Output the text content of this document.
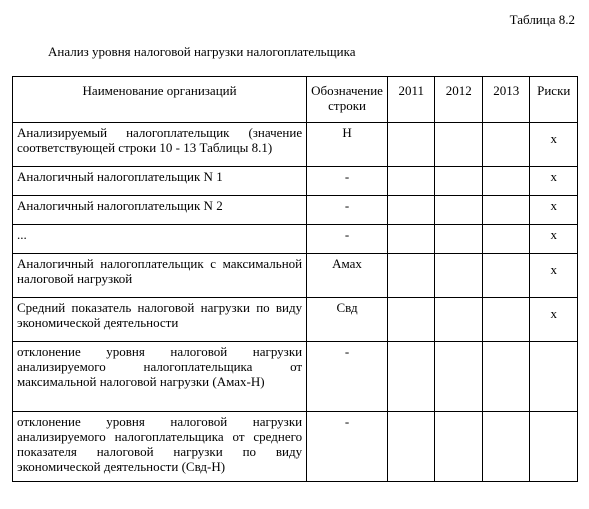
Таблица 8.2
Анализ уровня налоговой нагрузки налогоплательщика
Наименование организаций	Обозначение строки	2011	2012	2013	Риски
Анализируемый налогоплательщик (значение соответствующей строки 10 - 13 Таблицы 8.1)	Н				х
Аналогичный налогоплательщик N 1	-				х
Аналогичный налогоплательщик N 2	-				х
...	-				х
Аналогичный налогоплательщик с максимальной налоговой нагрузкой	Амах				х
Средний показатель налоговой нагрузки по виду экономической деятельности	Свд				х
отклонение уровня налоговой нагрузки анализируемого налогоплательщика от максимальной налоговой нагрузки (Амах-Н)	-				
отклонение уровня налоговой нагрузки анализируемого налогоплательщика от среднего показателя налоговой нагрузки по виду экономической деятельности (Свд-Н)	-				
